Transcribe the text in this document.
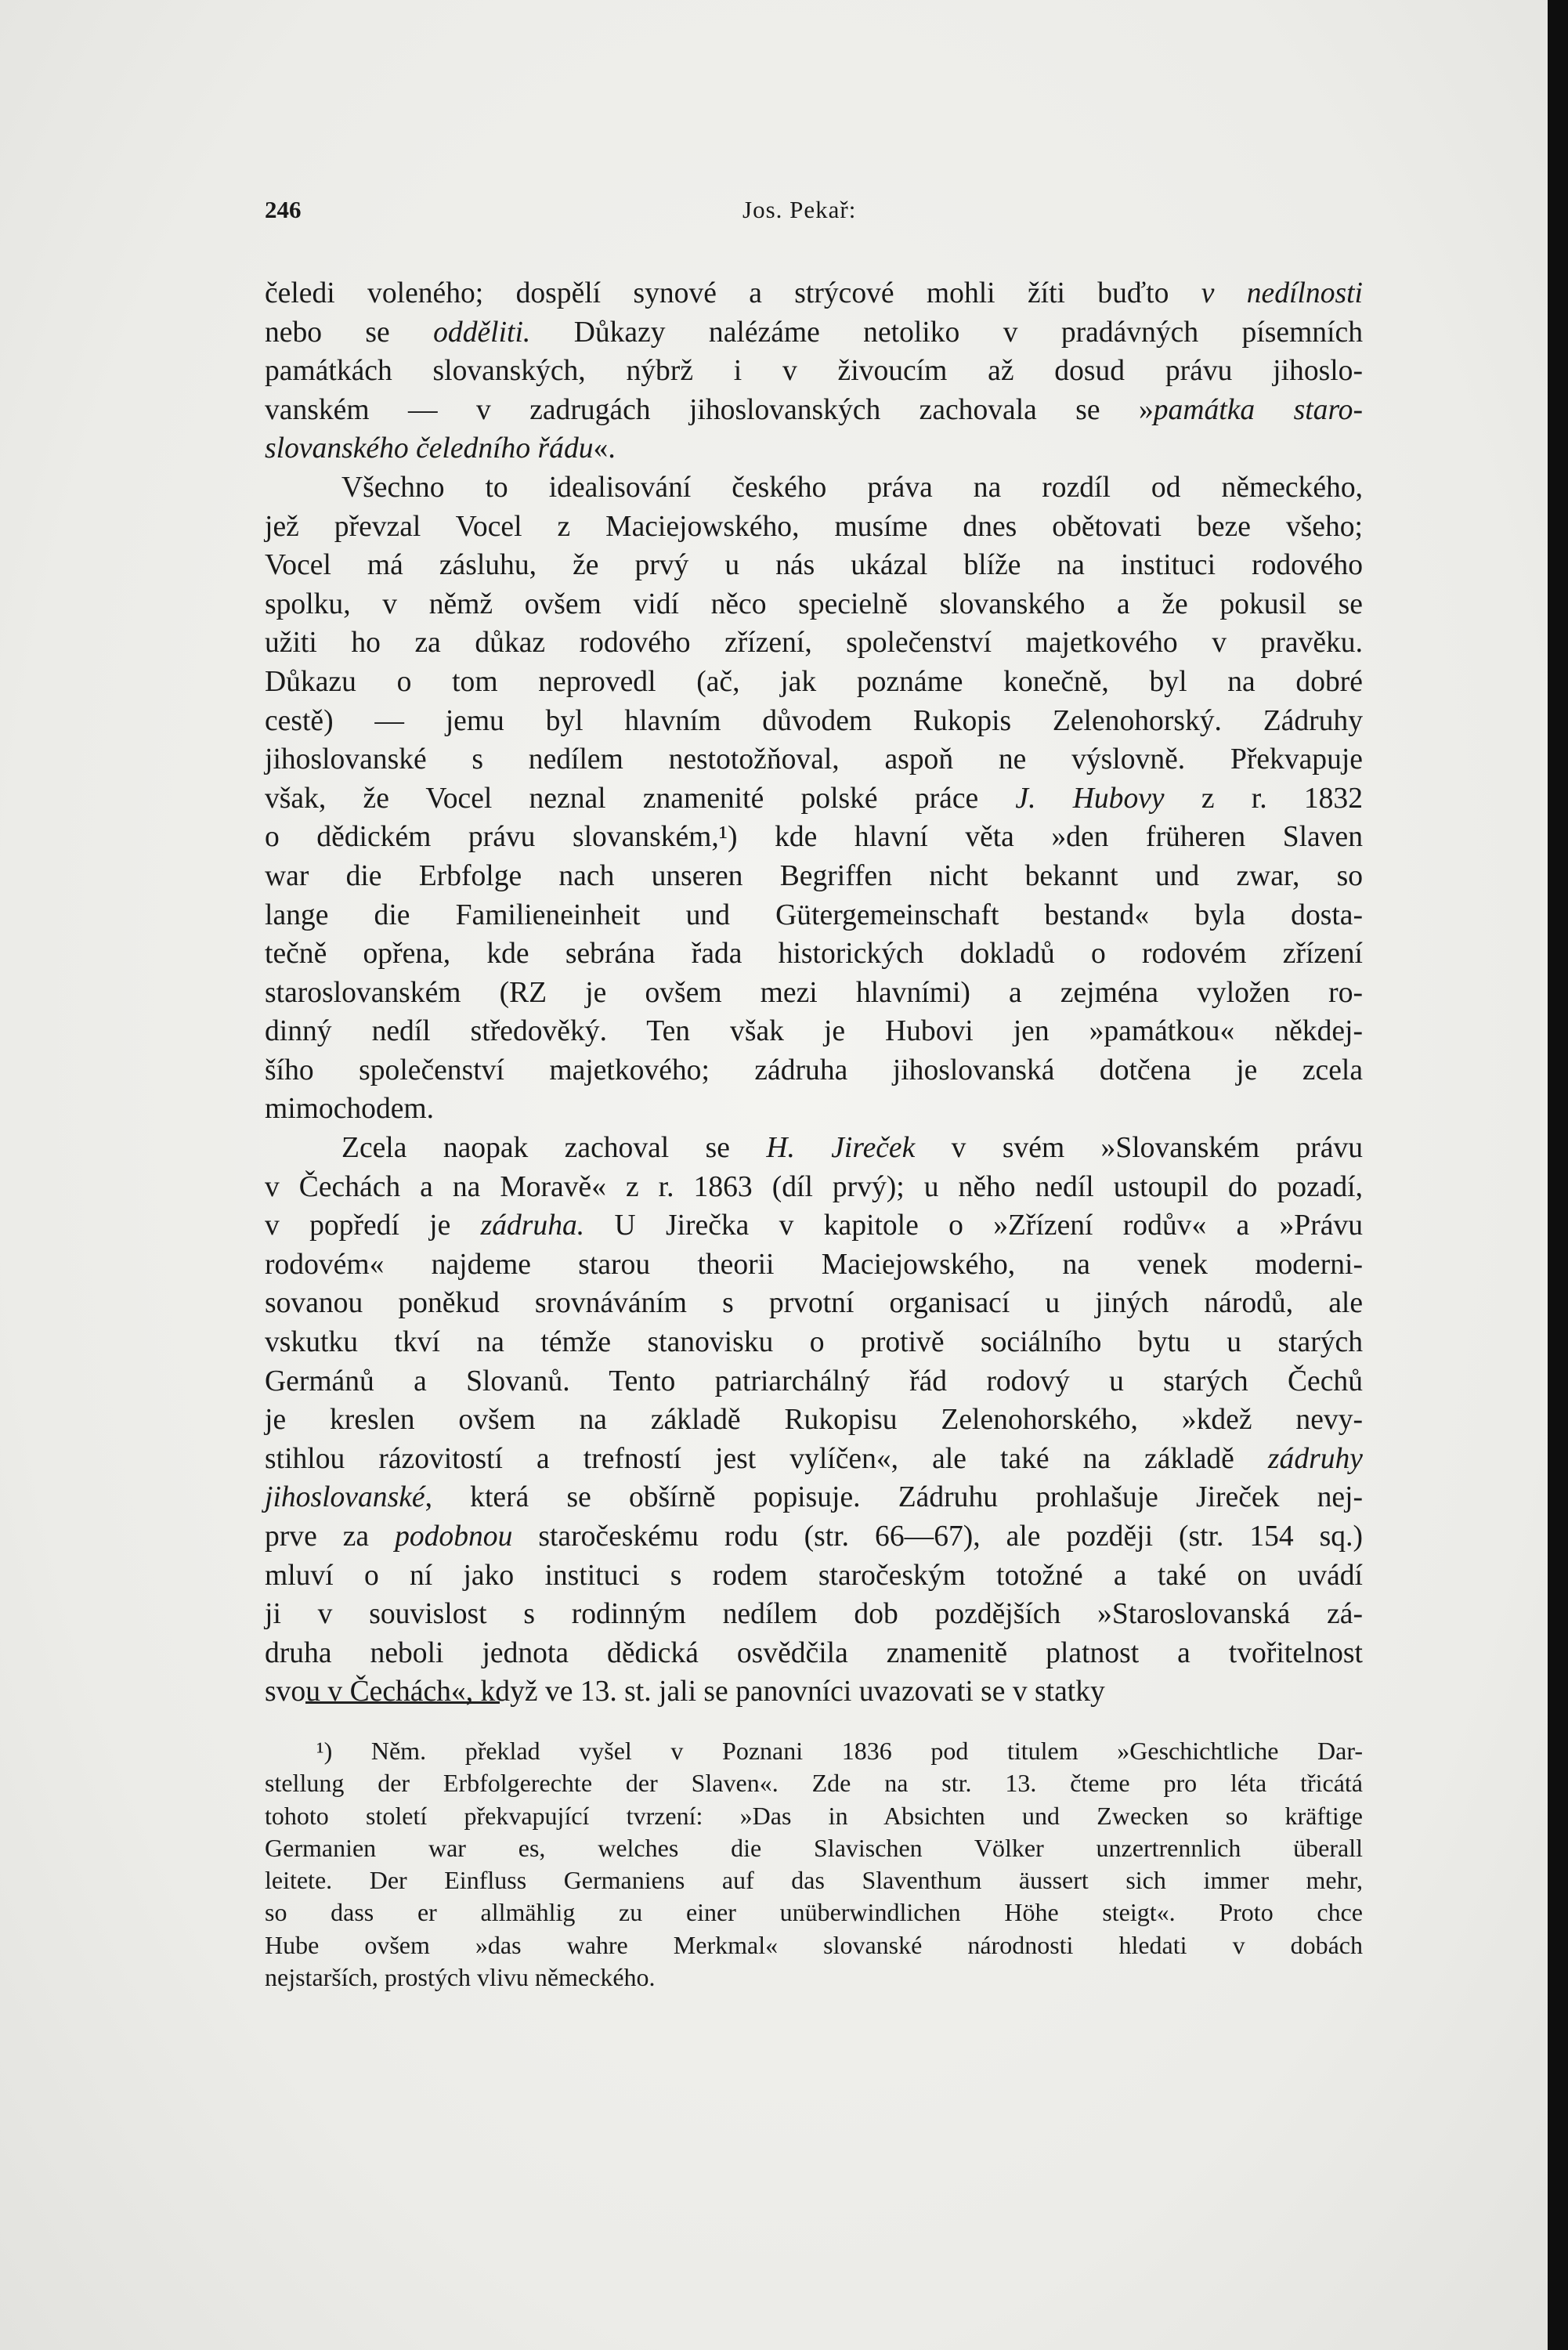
246	Jos. Pekař:
čeledi voleného; dospělí synové a strýcové mohli žíti buďto v nedílnosti
nebo se odděliti. Důkazy nalézáme netoliko v pradávných písemních
památkách slovanských, nýbrž i v živoucím až dosud právu jihoslo-
vanském — v zadrugách jihoslovanských zachovala se »památka staro-
slovanského čeledního řádu«.
Všechno to idealisování českého práva na rozdíl od německého,
jež převzal Vocel z Maciejowského, musíme dnes obětovati beze všeho;
Vocel má zásluhu, že prvý u nás ukázal blíže na instituci rodového
spolku, v němž ovšem vidí něco specielně slovanského a že pokusil se
užiti ho za důkaz rodového zřízení, společenství majetkového v pravěku.
Důkazu o tom neprovedl (ač, jak poznáme konečně, byl na dobré
cestě) — jemu byl hlavním důvodem Rukopis Zelenohorský. Zádruhy
jihoslovanské s nedílem nestotožňoval, aspoň ne výslovně. Překvapuje
však, že Vocel neznal znamenité polské práce J. Hubovy z r. 1832
o dědickém právu slovanském,¹) kde hlavní věta »den früheren Slaven
war die Erbfolge nach unseren Begriffen nicht bekannt und zwar, so
lange die Familieneinheit und Gütergemeinschaft bestand« byla dosta-
tečně opřena, kde sebrána řada historických dokladů o rodovém zřízení
staroslovanském (RZ je ovšem mezi hlavními) a zejména vyložen ro-
dinný nedíl středověký. Ten však je Hubovi jen »památkou« někdej-
šího společenství majetkového; zádruha jihoslovanská dotčena je zcela
mimochodem.
Zcela naopak zachoval se H. Jireček v svém »Slovanském právu
v Čechách a na Moravě« z r. 1863 (díl prvý); u něho nedíl ustoupil do pozadí,
v popředí je zádruha. U Jirečka v kapitole o »Zřízení rodův« a »Právu
rodovém« najdeme starou theorii Maciejowského, na venek moderni-
sovanou poněkud srovnáváním s prvotní organisací u jiných národů, ale
vskutku tkví na témže stanovisku o protivě sociálního bytu u starých
Germánů a Slovanů. Tento patriarchálný řád rodový u starých Čechů
je kreslen ovšem na základě Rukopisu Zelenohorského, »kdež nevy-
stihlou rázovitostí a trefností jest vylíčen«, ale také na základě zádruhy
jihoslovanské, která se obšírně popisuje. Zádruhu prohlašuje Jireček nej-
prve za podobnou staročeskému rodu (str. 66—67), ale později (str. 154 sq.)
mluví o ní jako instituci s rodem staročeským totožné a také on uvádí
ji v souvislost s rodinným nedílem dob pozdějších »Staroslovanská zá-
druha neboli jednota dědická osvědčila znamenitě platnost a tvořitelnost
svou v Čechách«, když ve 13. st. jali se panovníci uvazovati se v statky
¹) Něm. překlad vyšel v Poznani 1836 pod titulem »Geschichtliche Dar-
stellung der Erbfolgerechte der Slaven«. Zde na str. 13. čteme pro léta třicátá
tohoto století překvapující tvrzení: »Das in Absichten und Zwecken so kräftige
Germanien war es, welches die Slavischen Völker unzertrennlich überall
leitete. Der Einfluss Germaniens auf das Slaventhum äussert sich immer mehr,
so dass er allmählig zu einer unüberwindlichen Höhe steigt«. Proto chce
Hube ovšem »das wahre Merkmal« slovanské národnosti hledati v dobách
nejstarších, prostých vlivu německého.
